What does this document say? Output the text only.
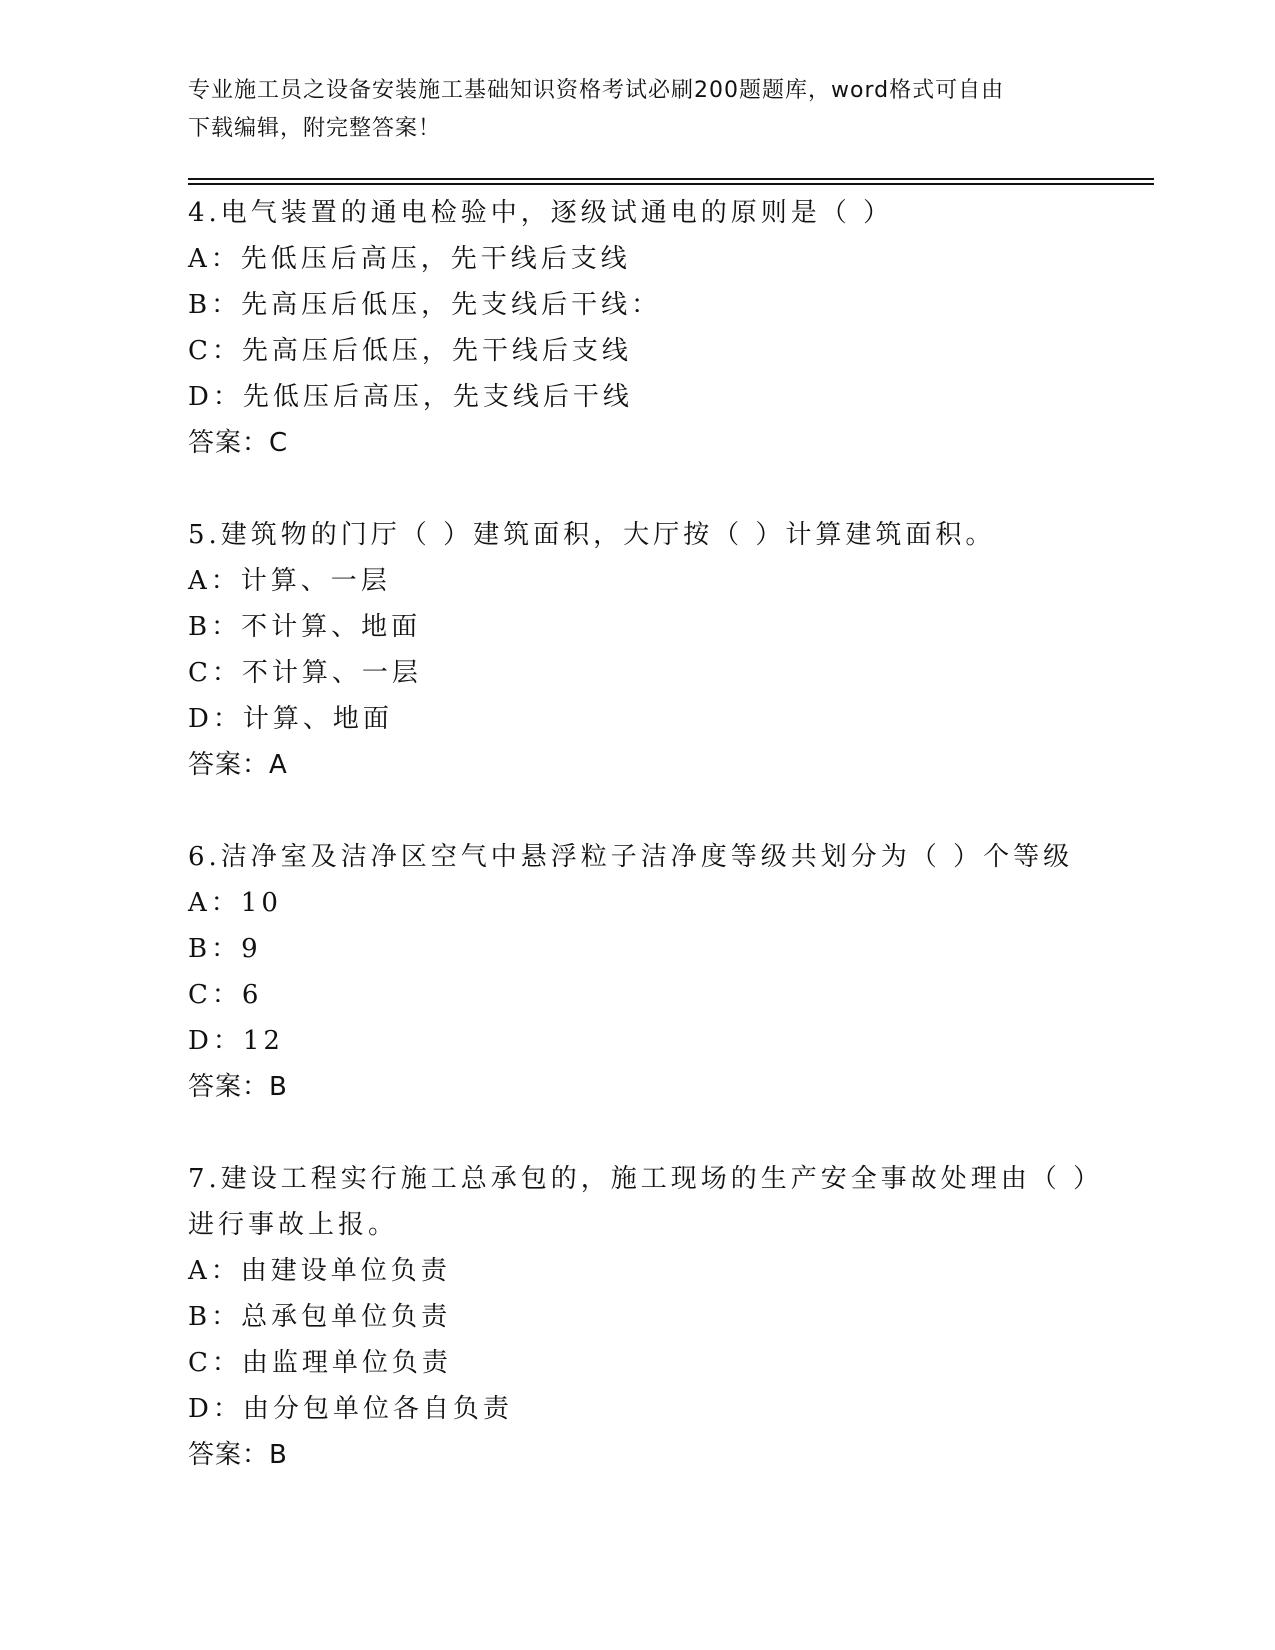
专业施工员之设备安装施工基础知识资格考试必刷200题题库，word格式可自由
下载编辑，附完整答案！
4.电气装置的通电检验中，逐级试通电的原则是（ ）
A：先低压后高压，先干线后支线
B：先高压后低压，先支线后干线：
C：先高压后低压，先干线后支线
D：先低压后高压，先支线后干线
答案：C
5.建筑物的门厅（ ）建筑面积，大厅按（ ）计算建筑面积。
A：计算、一层
B：不计算、地面
C：不计算、一层
D：计算、地面
答案：A
6.洁净室及洁净区空气中悬浮粒子洁净度等级共划分为（ ）个等级
A：10
B：9
C：6
D：12
答案：B
7.建设工程实行施工总承包的，施工现场的生产安全事故处理由（ ）
进行事故上报。
A：由建设单位负责
B：总承包单位负责
C：由监理单位负责
D：由分包单位各自负责
答案：B
